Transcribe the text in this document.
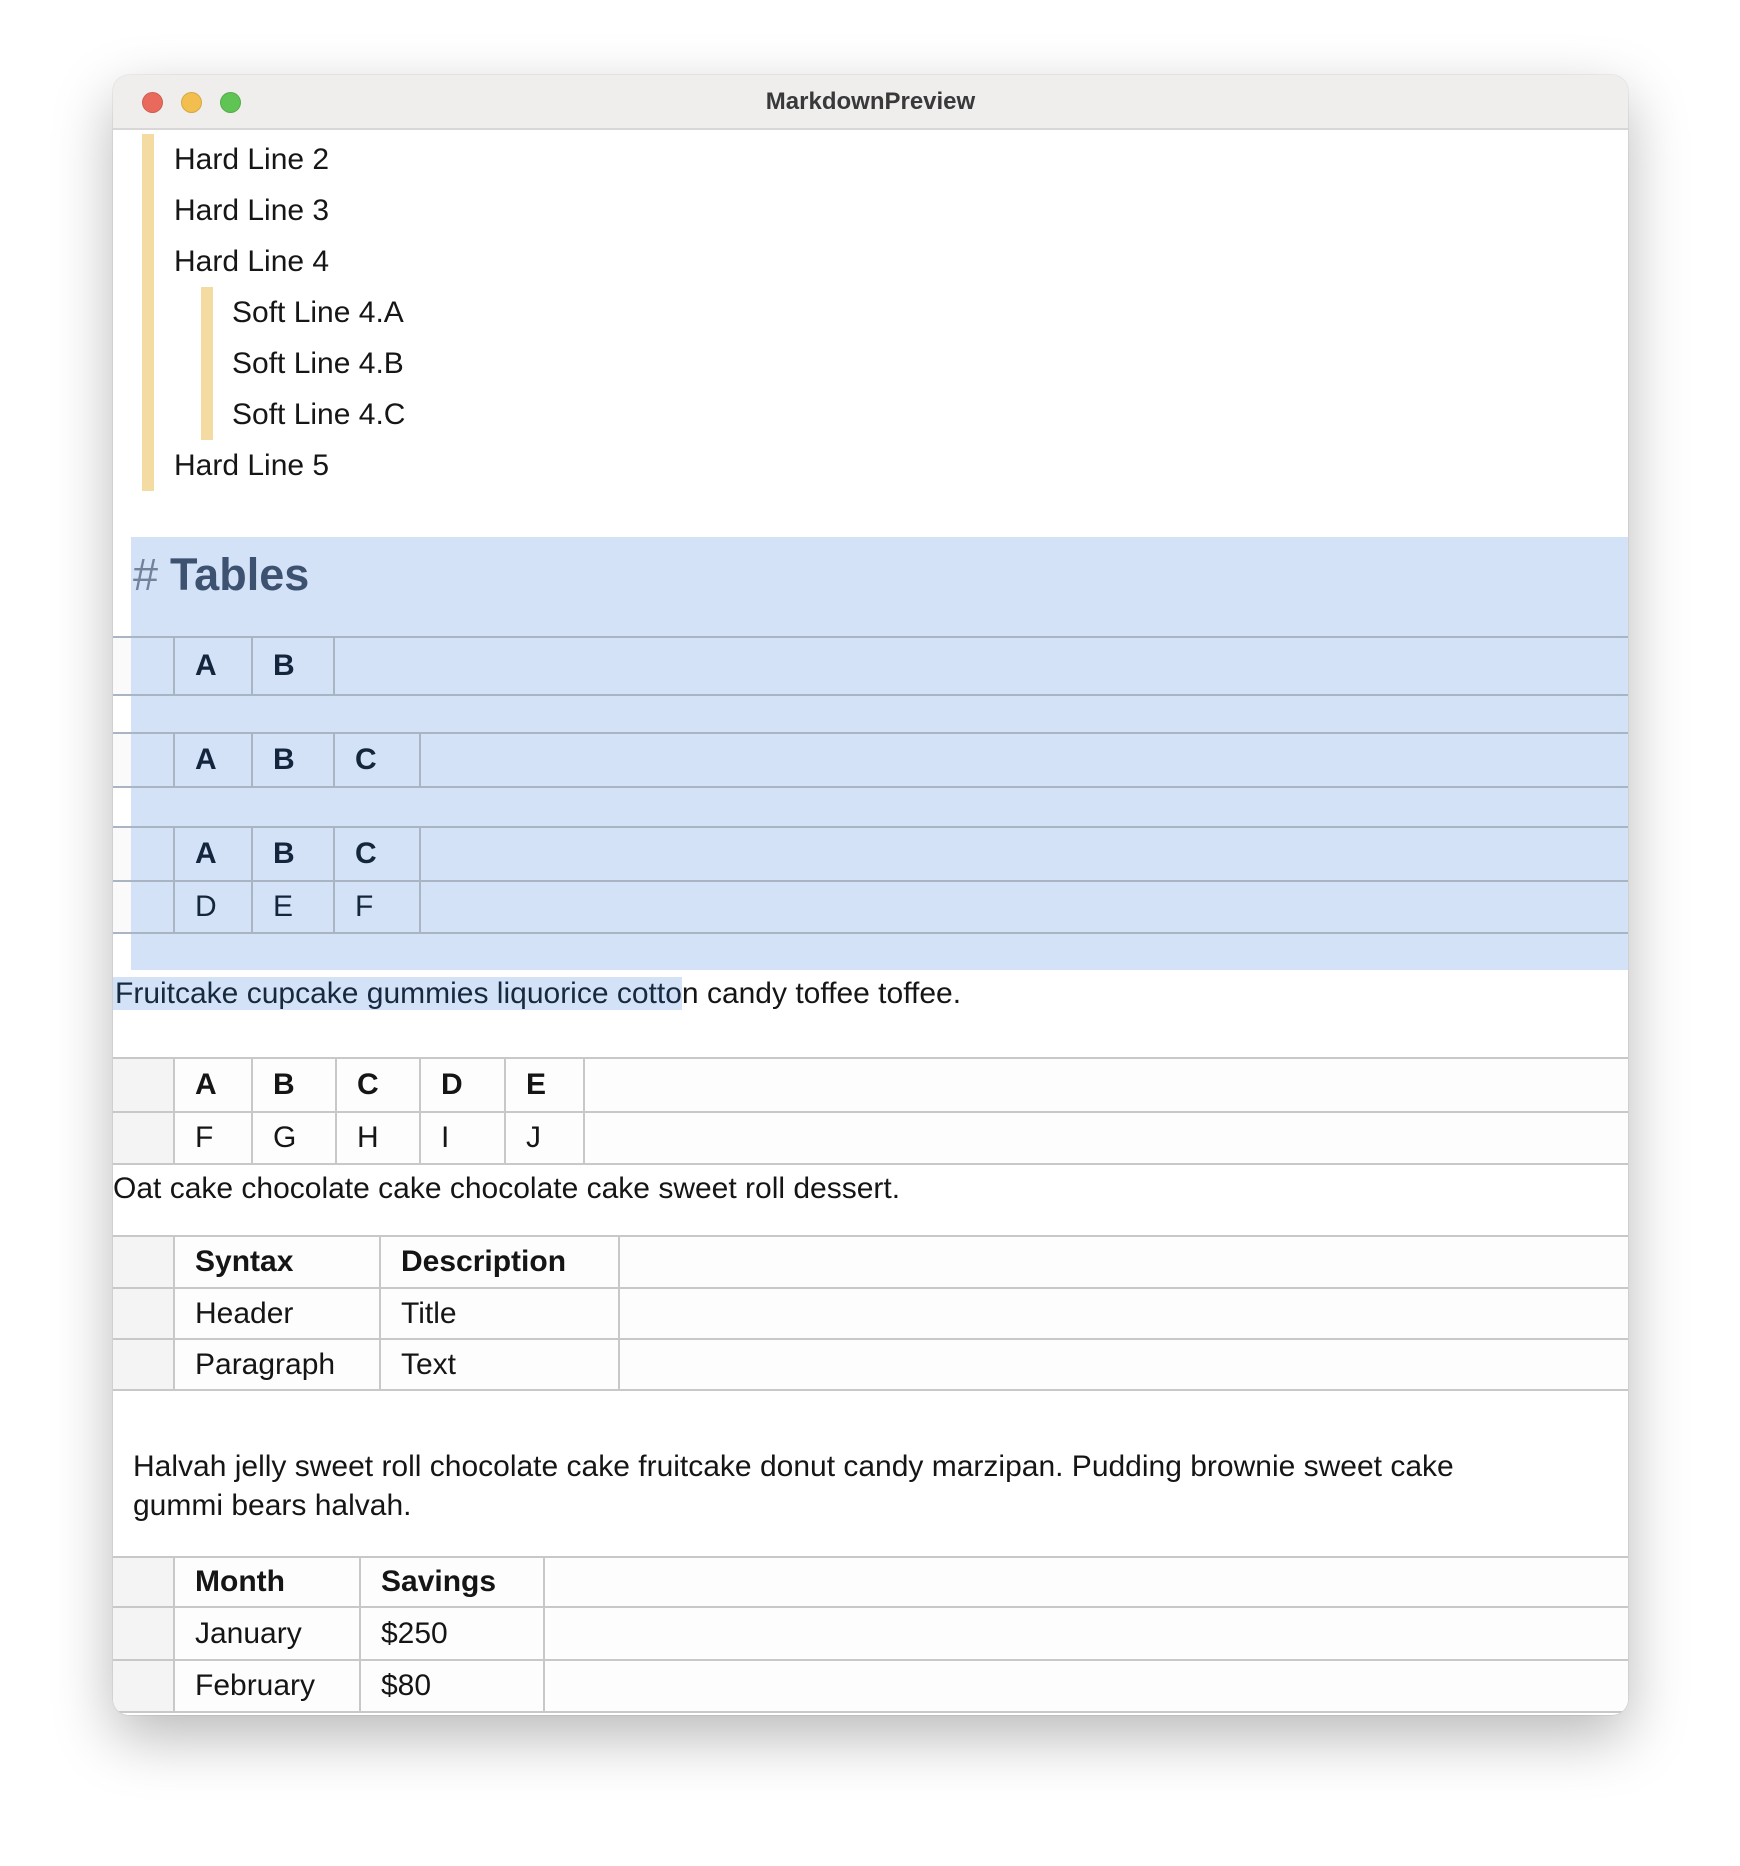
MarkdownPreview

Hard Line 2

Hard Line 3

Hard Line 4

Soft Line 4.A

Soft Line 4.B

Soft Line 4.C

Hard Line 5

# Tables
A	B
A	B	C
A	B	C
D	E	F

Fruitcake cupcake gummies liquorice cotton candy toffee toffee.

A	B	C	D	E
F	G	H	I	J

Oat cake chocolate cake chocolate cake sweet roll dessert.

Syntax	Description
Header	Title
Paragraph	Text
Halvah jelly sweet roll chocolate cake fruitcake donut candy marzipan. Pudding brownie sweet cake
gummi bears halvah.
Month	Savings
January	$250
February	$80
